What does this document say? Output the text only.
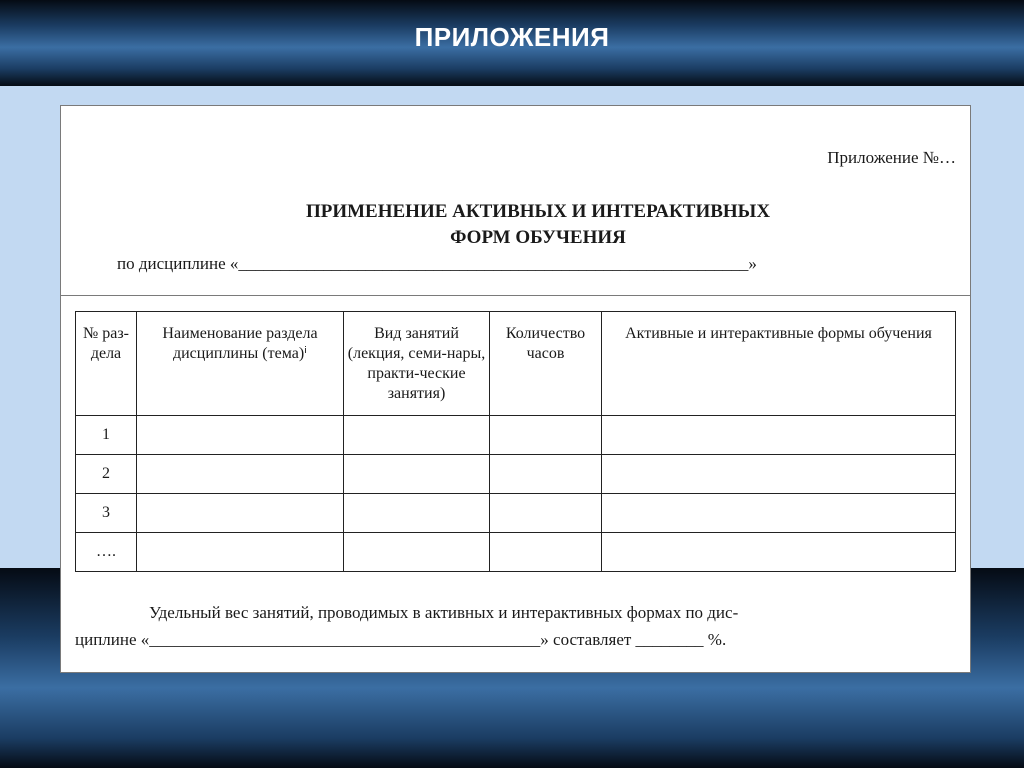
ПРИЛОЖЕНИЯ
Приложение №…
ПРИМЕНЕНИЕ АКТИВНЫХ И ИНТЕРАКТИВНЫХ
ФОРМ ОБУЧЕНИЯ
по дисциплине «____________________________________________________________»
№ раз-дела	Наименование раздела дисциплины (тема)ⁱ	Вид занятий (лекция, семи-нары, практи-ческие занятия)	Количество часов	Активные и интерактивные формы обучения
1				
2				
3				
….				
Удельный вес занятий, проводимых в активных и интерактивных формах по дис-
циплине «______________________________________________» составляет ________ %.
